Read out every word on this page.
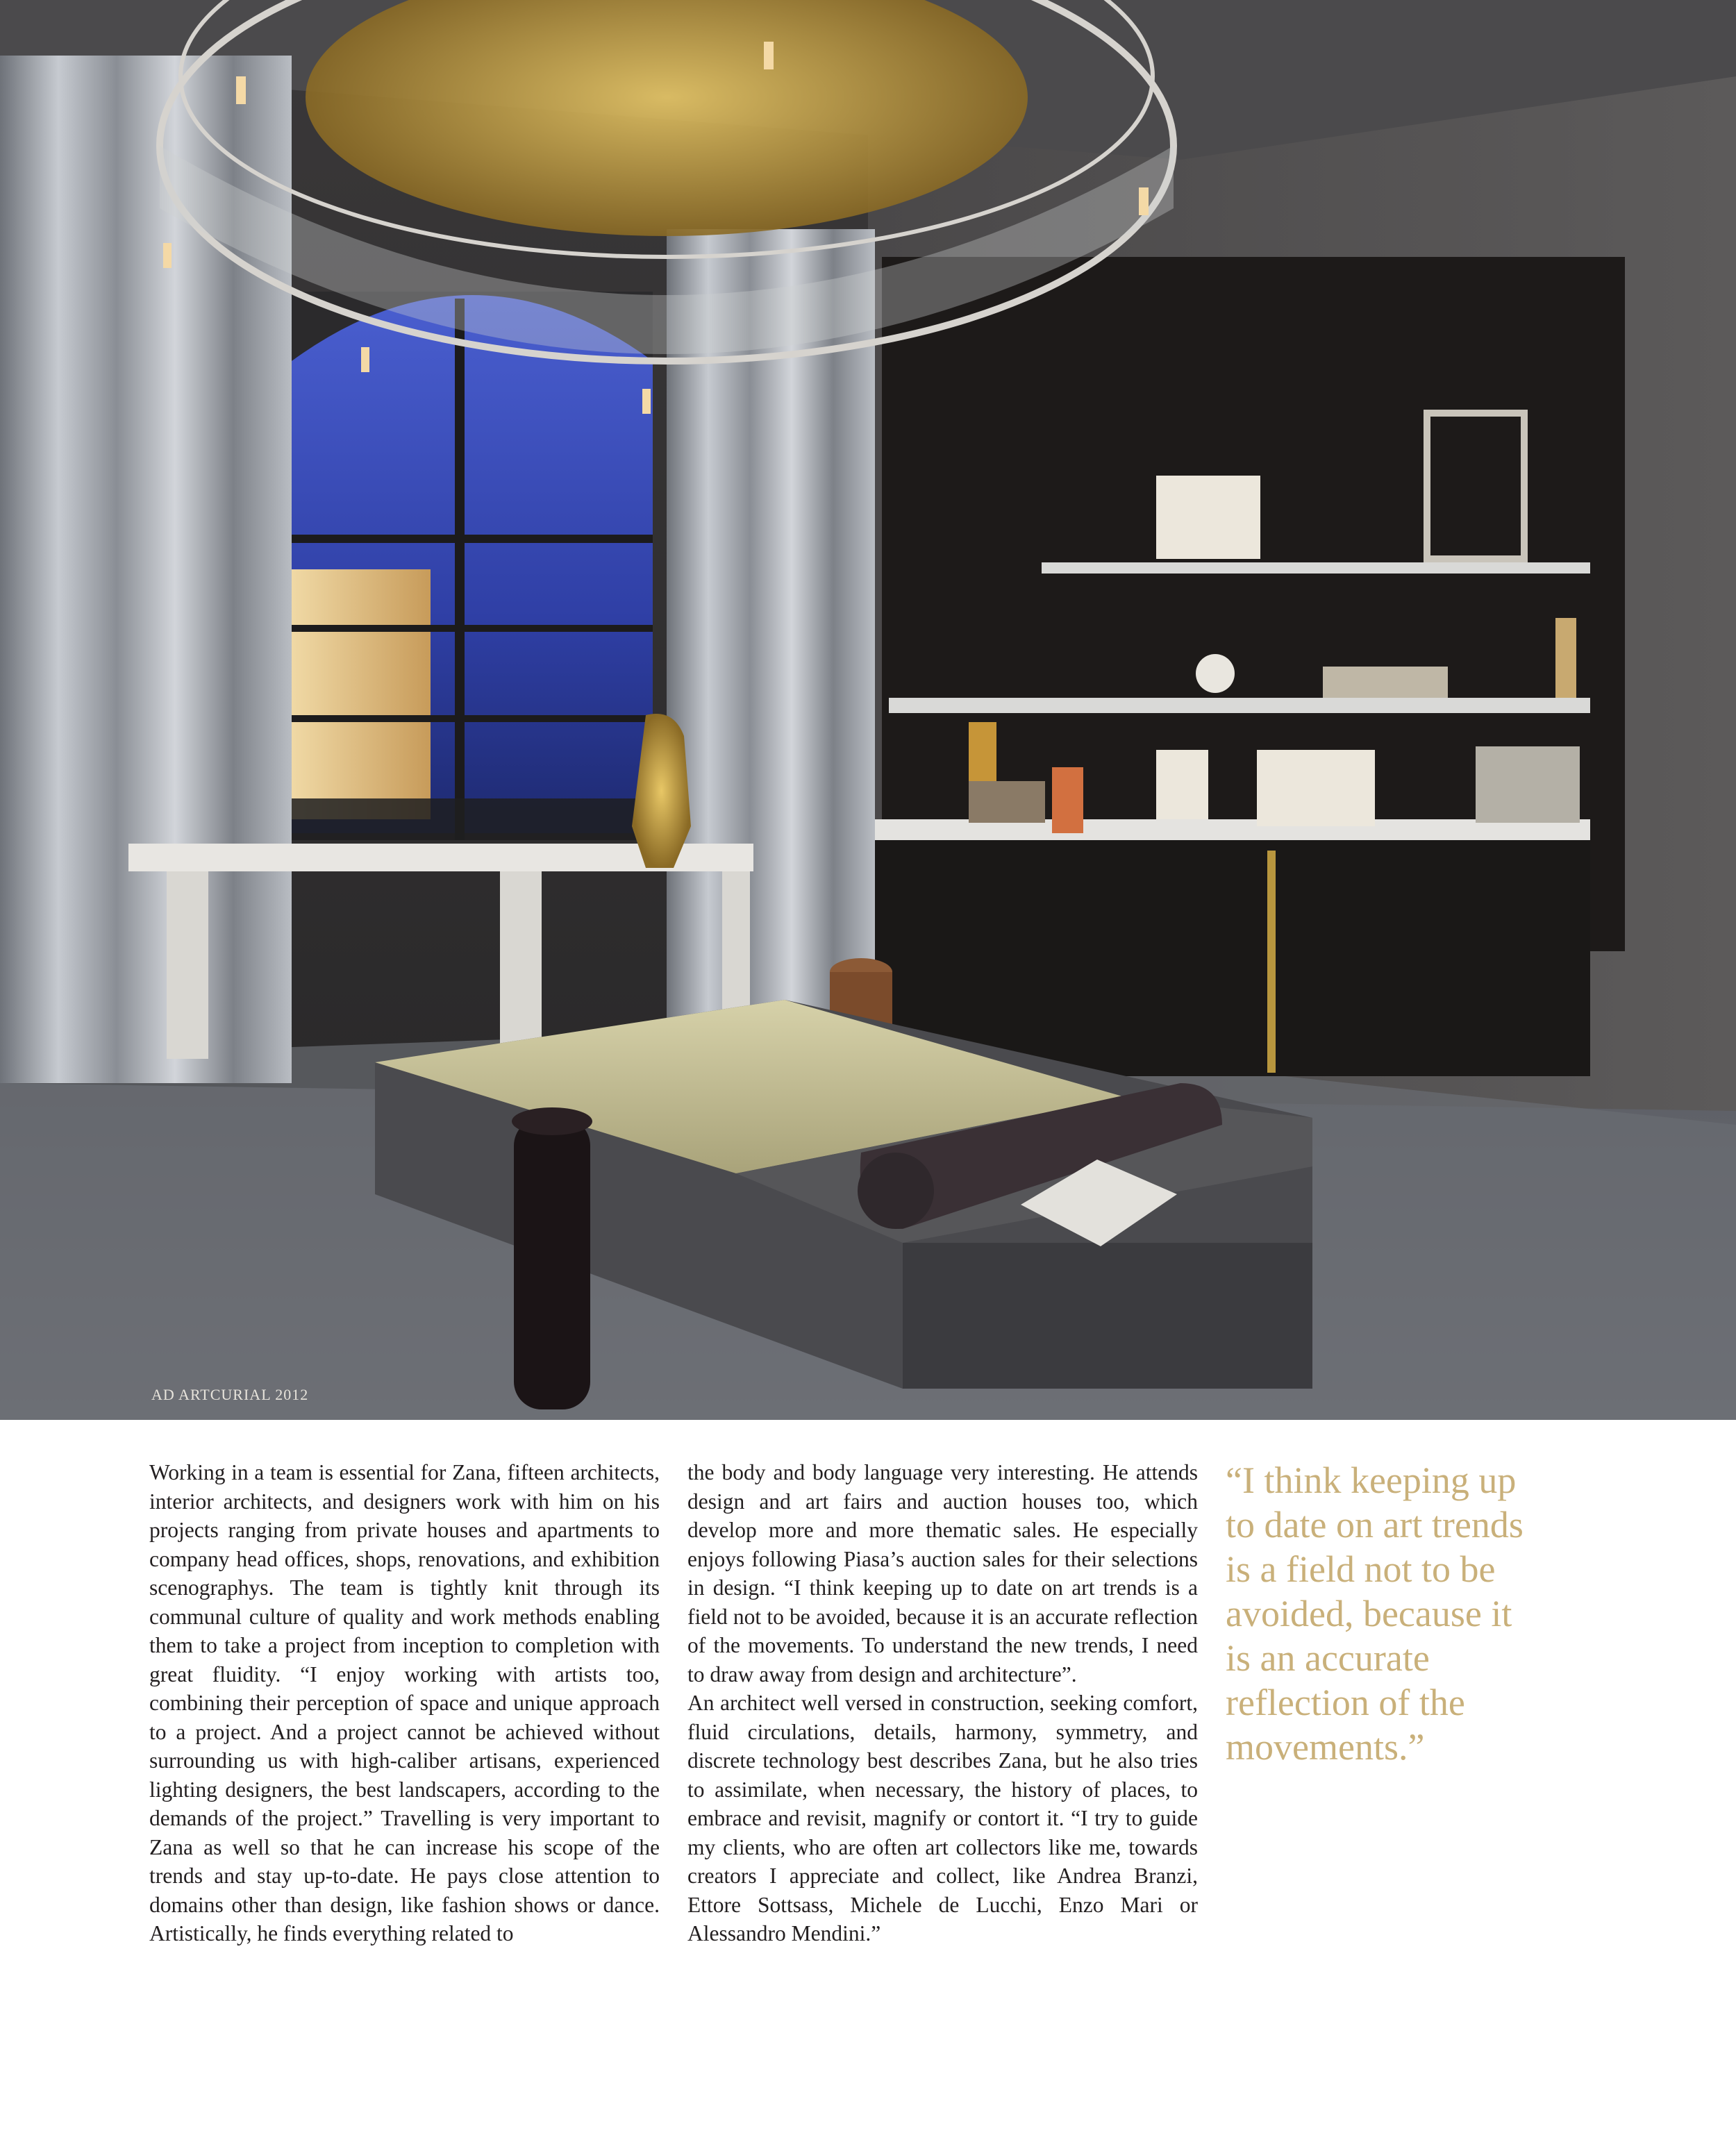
AD ARTCURIAL 2012

Working in a team is essential for Zana, fifteen architects, interior architects, and designers work with him on his projects ranging from private houses and apartments to company head offices, shops, renovations, and exhibition scenographys. The team is tightly knit through its communal culture of quality and work methods enabling them to take a project from inception to completion with great fluidity. “I enjoy working with artists too, combining their perception of space and unique approach to a project. And a project cannot be achieved without surrounding us with high-caliber artisans, experienced lighting designers, the best landscapers, according to the demands of the project.” Travelling is very important to Zana as well so that he can increase his scope of the trends and stay up-to-date. He pays close attention to domains other than design, like fashion shows or dance. Artistically, he finds everything related to

the body and body language very interesting. He attends design and art fairs and auction houses too, which develop more and more thematic sales. He especially enjoys following Piasa’s auction sales for their selections in design. “I think keeping up to date on art trends is a field not to be avoided, because it is an accurate reflection of the movements. To understand the new trends, I need to draw away from design and architecture”.

An architect well versed in construction, seeking comfort, fluid circulations, details, harmony, symmetry, and discrete technology best describes Zana, but he also tries to assimilate, when necessary, the history of places, to embrace and revisit, magnify or contort it. “I try to guide my clients, who are often art collectors like me, towards creators I appreciate and collect, like Andrea Branzi, Ettore Sottsass, Michele de Lucchi, Enzo Mari or Alessandro Mendini.”

“I think keeping up to date on art trends is a field not to be avoided, because it is an accurate reflection of the movements.”
